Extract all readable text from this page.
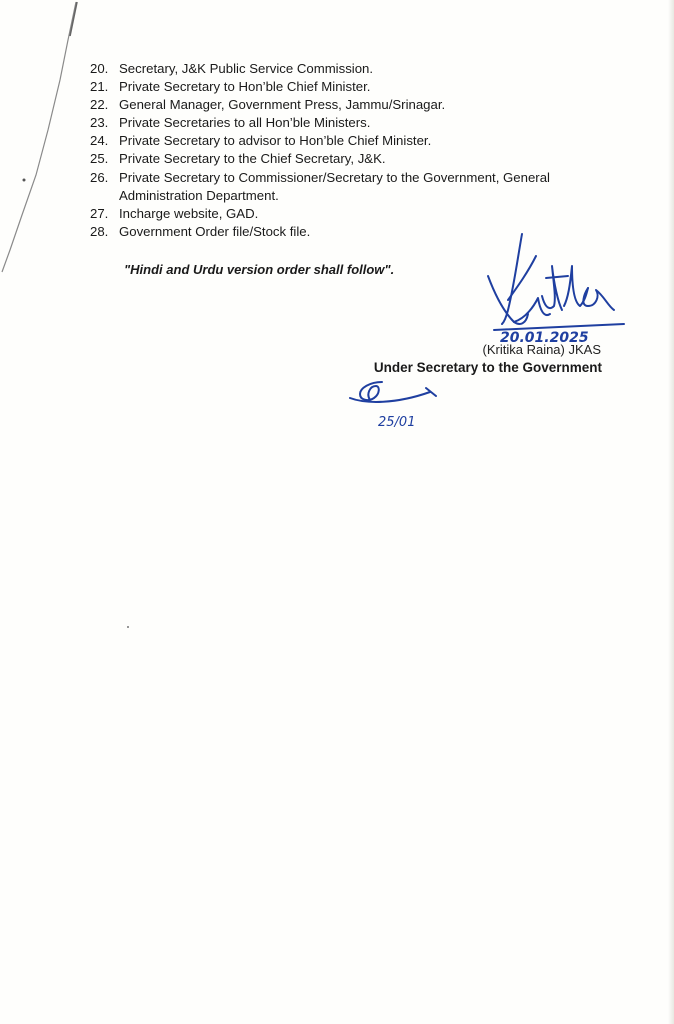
20. Secretary, J&K Public Service Commission.
21. Private Secretary to Hon’ble Chief Minister.
22. General Manager, Government Press, Jammu/Srinagar.
23. Private Secretaries to all Hon’ble Ministers.
24. Private Secretary to advisor to Hon’ble Chief Minister.
25. Private Secretary to the Chief Secretary, J&K.
26. Private Secretary to Commissioner/Secretary to the Government, General Administration Department.
27. Incharge website, GAD.
28. Government Order file/Stock file.
"Hindi and Urdu version order shall follow".
20.01.2025
(Kritika Raina) JKAS
Under Secretary to the Government
25/01
